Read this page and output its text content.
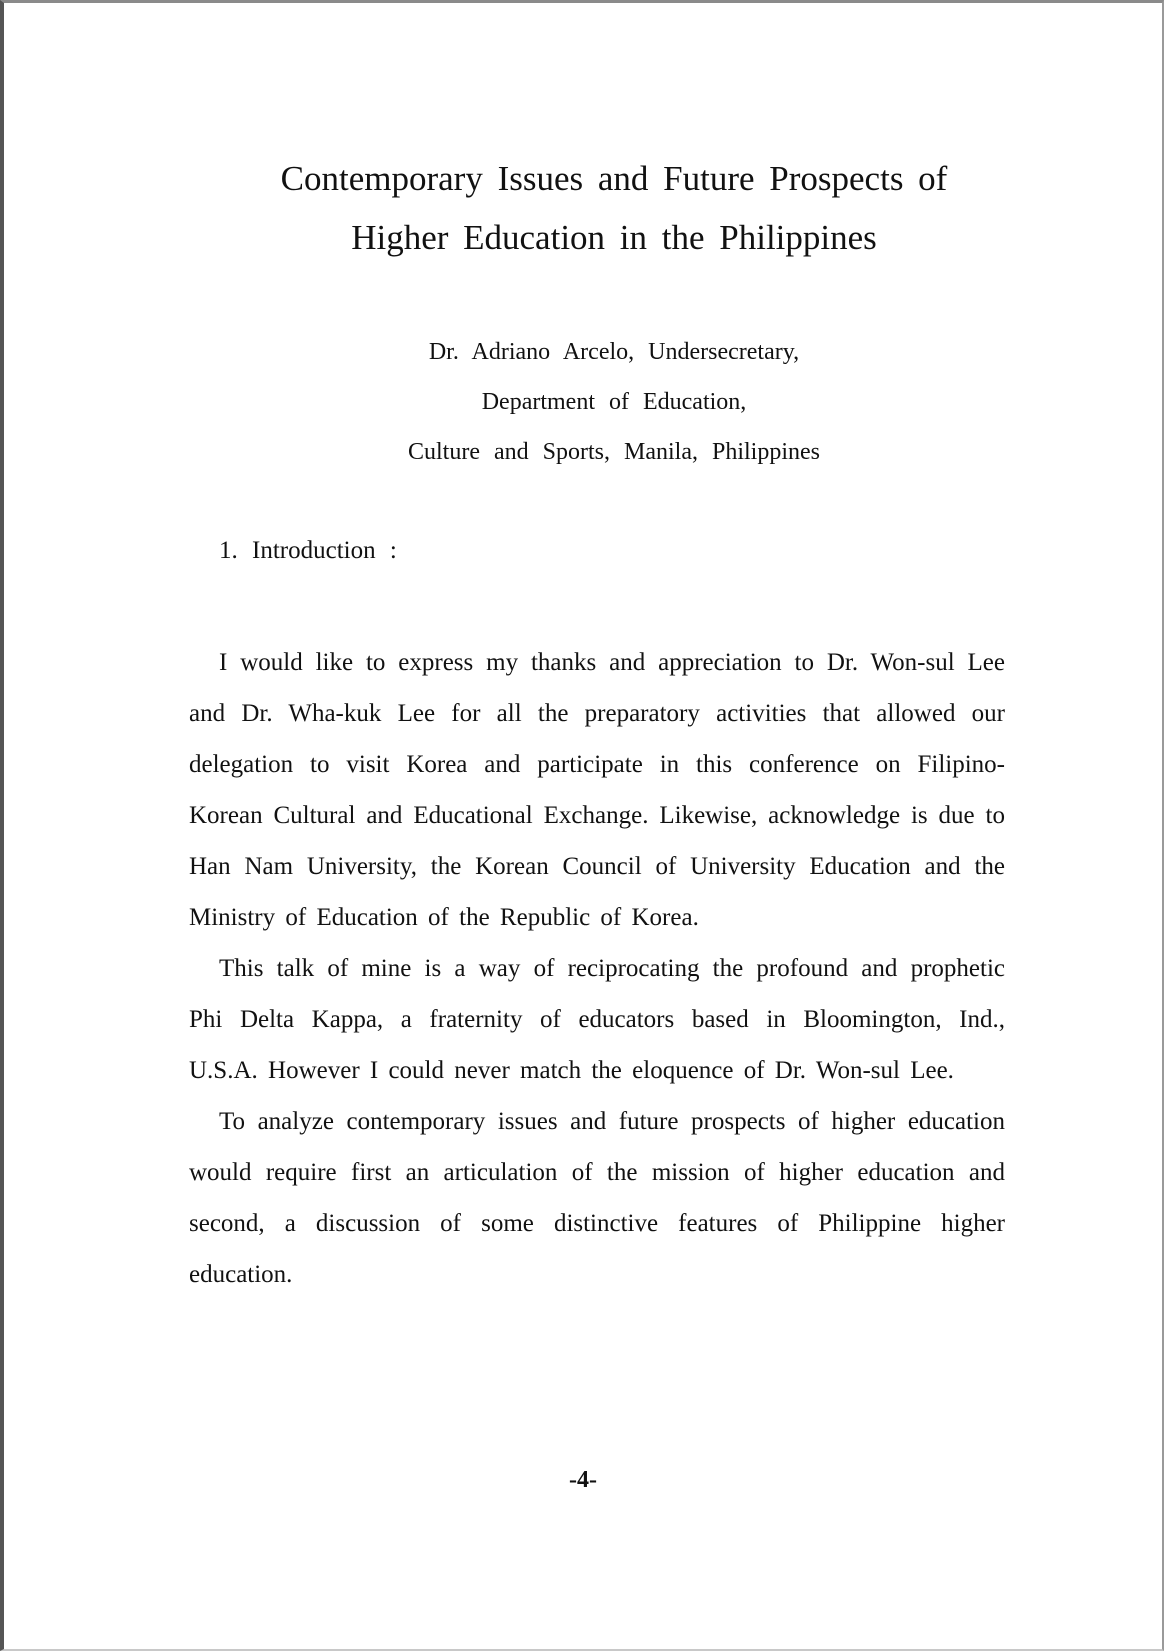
Contemporary Issues and Future Prospects of
Higher Education in the Philippines
Dr. Adriano Arcelo, Undersecretary,
Department of Education,
Culture and Sports, Manila, Philippines
1. Introduction :

I would like to express my thanks and appreciation to Dr. Won-sul Lee and Dr. Wha-kuk Lee for all the preparatory activities that allowed our delegation to visit Korea and participate in this conference on Filipino-Korean Cultural and Educational Exchange. Likewise, acknowledge is due to Han Nam University, the Korean Council of University Education and the Ministry of Education of the Republic of Korea.

This talk of mine is a way of reciprocating the profound and prophetic Phi Delta Kappa, a fraternity of educators based in Bloomington, Ind., U.S.A. However I could never match the eloquence of Dr. Won-sul Lee.

To analyze contemporary issues and future prospects of higher education would require first an articulation of the mission of higher education and second, a discussion of some distinctive features of Philippine higher education.

-4-
